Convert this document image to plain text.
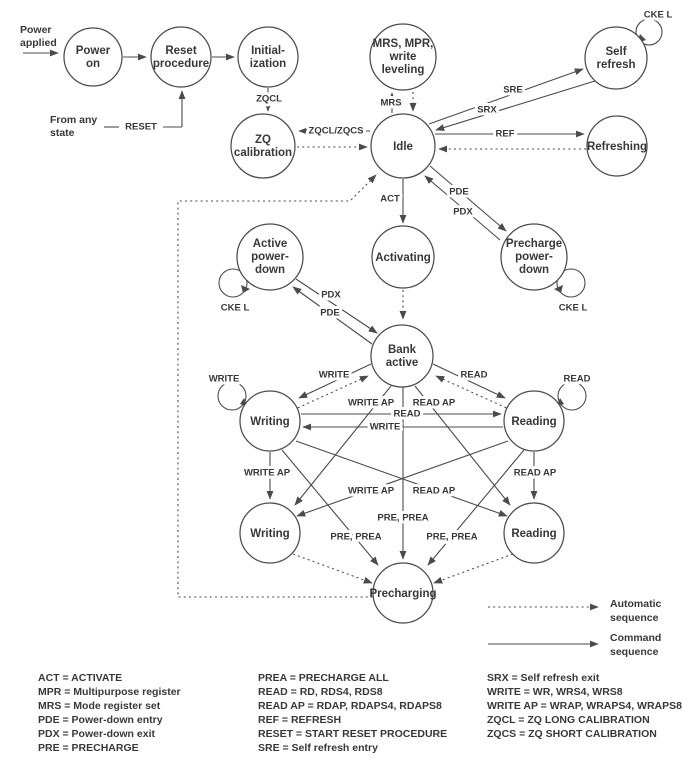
Power
on
Reset
procedure
Initial-
ization
MRS, MPR,
write
leveling
Self
refresh
ZQ
calibration	Idle	Refreshing
Active
power-
down
Activating
Precharge
power-
down
Bank
active
Writing	Reading
Writing	Reading
Precharging
ZQCL	MRS
SRE
SRX
REF
ZQCL/ZQCS
ACT
PDE
PDX
PDX
PDE
WRITE	READ
READ
WRITE
WRITE AP READ AP
WRITE AP	READ AP
WRITE AP READ AP
PRE, PREA
PRE, PREA	PRE, PREA
CKE L
CKE L	CKE L
WRITE	READ
RESET
Power
applied
From any
state
Automatic
sequence
Command
sequence
ACT = ACTIVATE
MPR = Multipurpose register
MRS = Mode register set
PDE = Power-down entry
PDX = Power-down exit
PRE = PRECHARGE
PREA = PRECHARGE ALL
READ = RD, RDS4, RDS8
READ AP = RDAP, RDAPS4, RDAPS8
REF = REFRESH
RESET = START RESET PROCEDURE
SRE = Self refresh entry
SRX = Self refresh exit
WRITE = WR, WRS4, WRS8
WRITE AP = WRAP, WRAPS4, WRAPS8
ZQCL = ZQ LONG CALIBRATION
ZQCS = ZQ SHORT CALIBRATION
